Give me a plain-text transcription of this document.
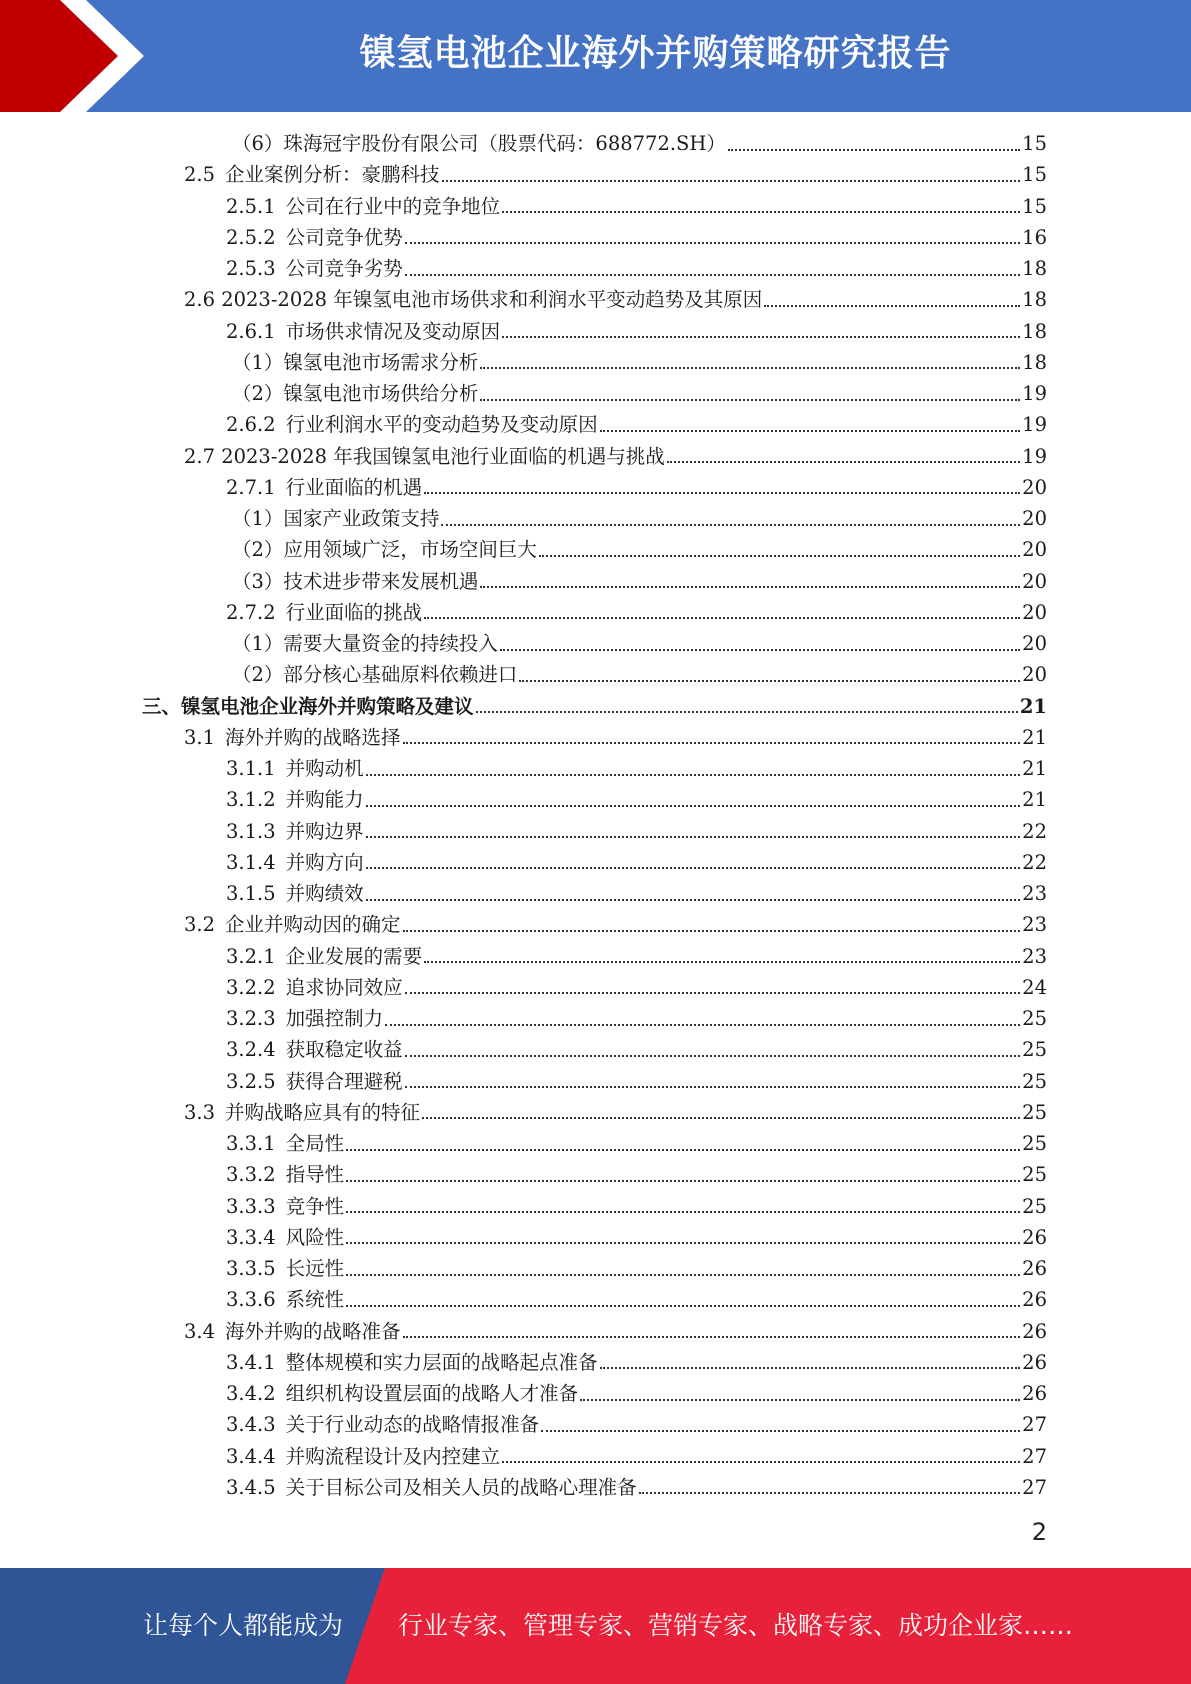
镍氢电池企业海外并购策略研究报告
（6）珠海冠宇股份有限公司（股票代码：688772.SH）	15
2.5 企业案例分析：豪鹏科技	15
2.5.1 公司在行业中的竞争地位	15
2.5.2 公司竞争优势	16
2.5.3 公司竞争劣势	18
2.6 2023-2028 年镍氢电池市场供求和利润水平变动趋势及其原因	18
2.6.1 市场供求情况及变动原因	18
（1）镍氢电池市场需求分析	18
（2）镍氢电池市场供给分析	19
2.6.2 行业利润水平的变动趋势及变动原因	19
2.7 2023-2028 年我国镍氢电池行业面临的机遇与挑战	19
2.7.1 行业面临的机遇	20
（1）国家产业政策支持	20
（2）应用领域广泛，市场空间巨大	20
（3）技术进步带来发展机遇	20
2.7.2 行业面临的挑战	20
（1）需要大量资金的持续投入	20
（2）部分核心基础原料依赖进口	20
三、镍氢电池企业海外并购策略及建议	21
3.1 海外并购的战略选择	21
3.1.1 并购动机	21
3.1.2 并购能力	21
3.1.3 并购边界	22
3.1.4 并购方向	22
3.1.5 并购绩效	23
3.2 企业并购动因的确定	23
3.2.1 企业发展的需要	23
3.2.2 追求协同效应	24
3.2.3 加强控制力	25
3.2.4 获取稳定收益	25
3.2.5 获得合理避税	25
3.3 并购战略应具有的特征	25
3.3.1 全局性	25
3.3.2 指导性	25
3.3.3 竞争性	25
3.3.4 风险性	26
3.3.5 长远性	26
3.3.6 系统性	26
3.4 海外并购的战略准备	26
3.4.1 整体规模和实力层面的战略起点准备	26
3.4.2 组织机构设置层面的战略人才准备	26
3.4.3 关于行业动态的战略情报准备	27
3.4.4 并购流程设计及内控建立	27
3.4.5 关于目标公司及相关人员的战略心理准备	27
2
让每个人都能成为 行业专家、管理专家、营销专家、战略专家、成功企业家……
